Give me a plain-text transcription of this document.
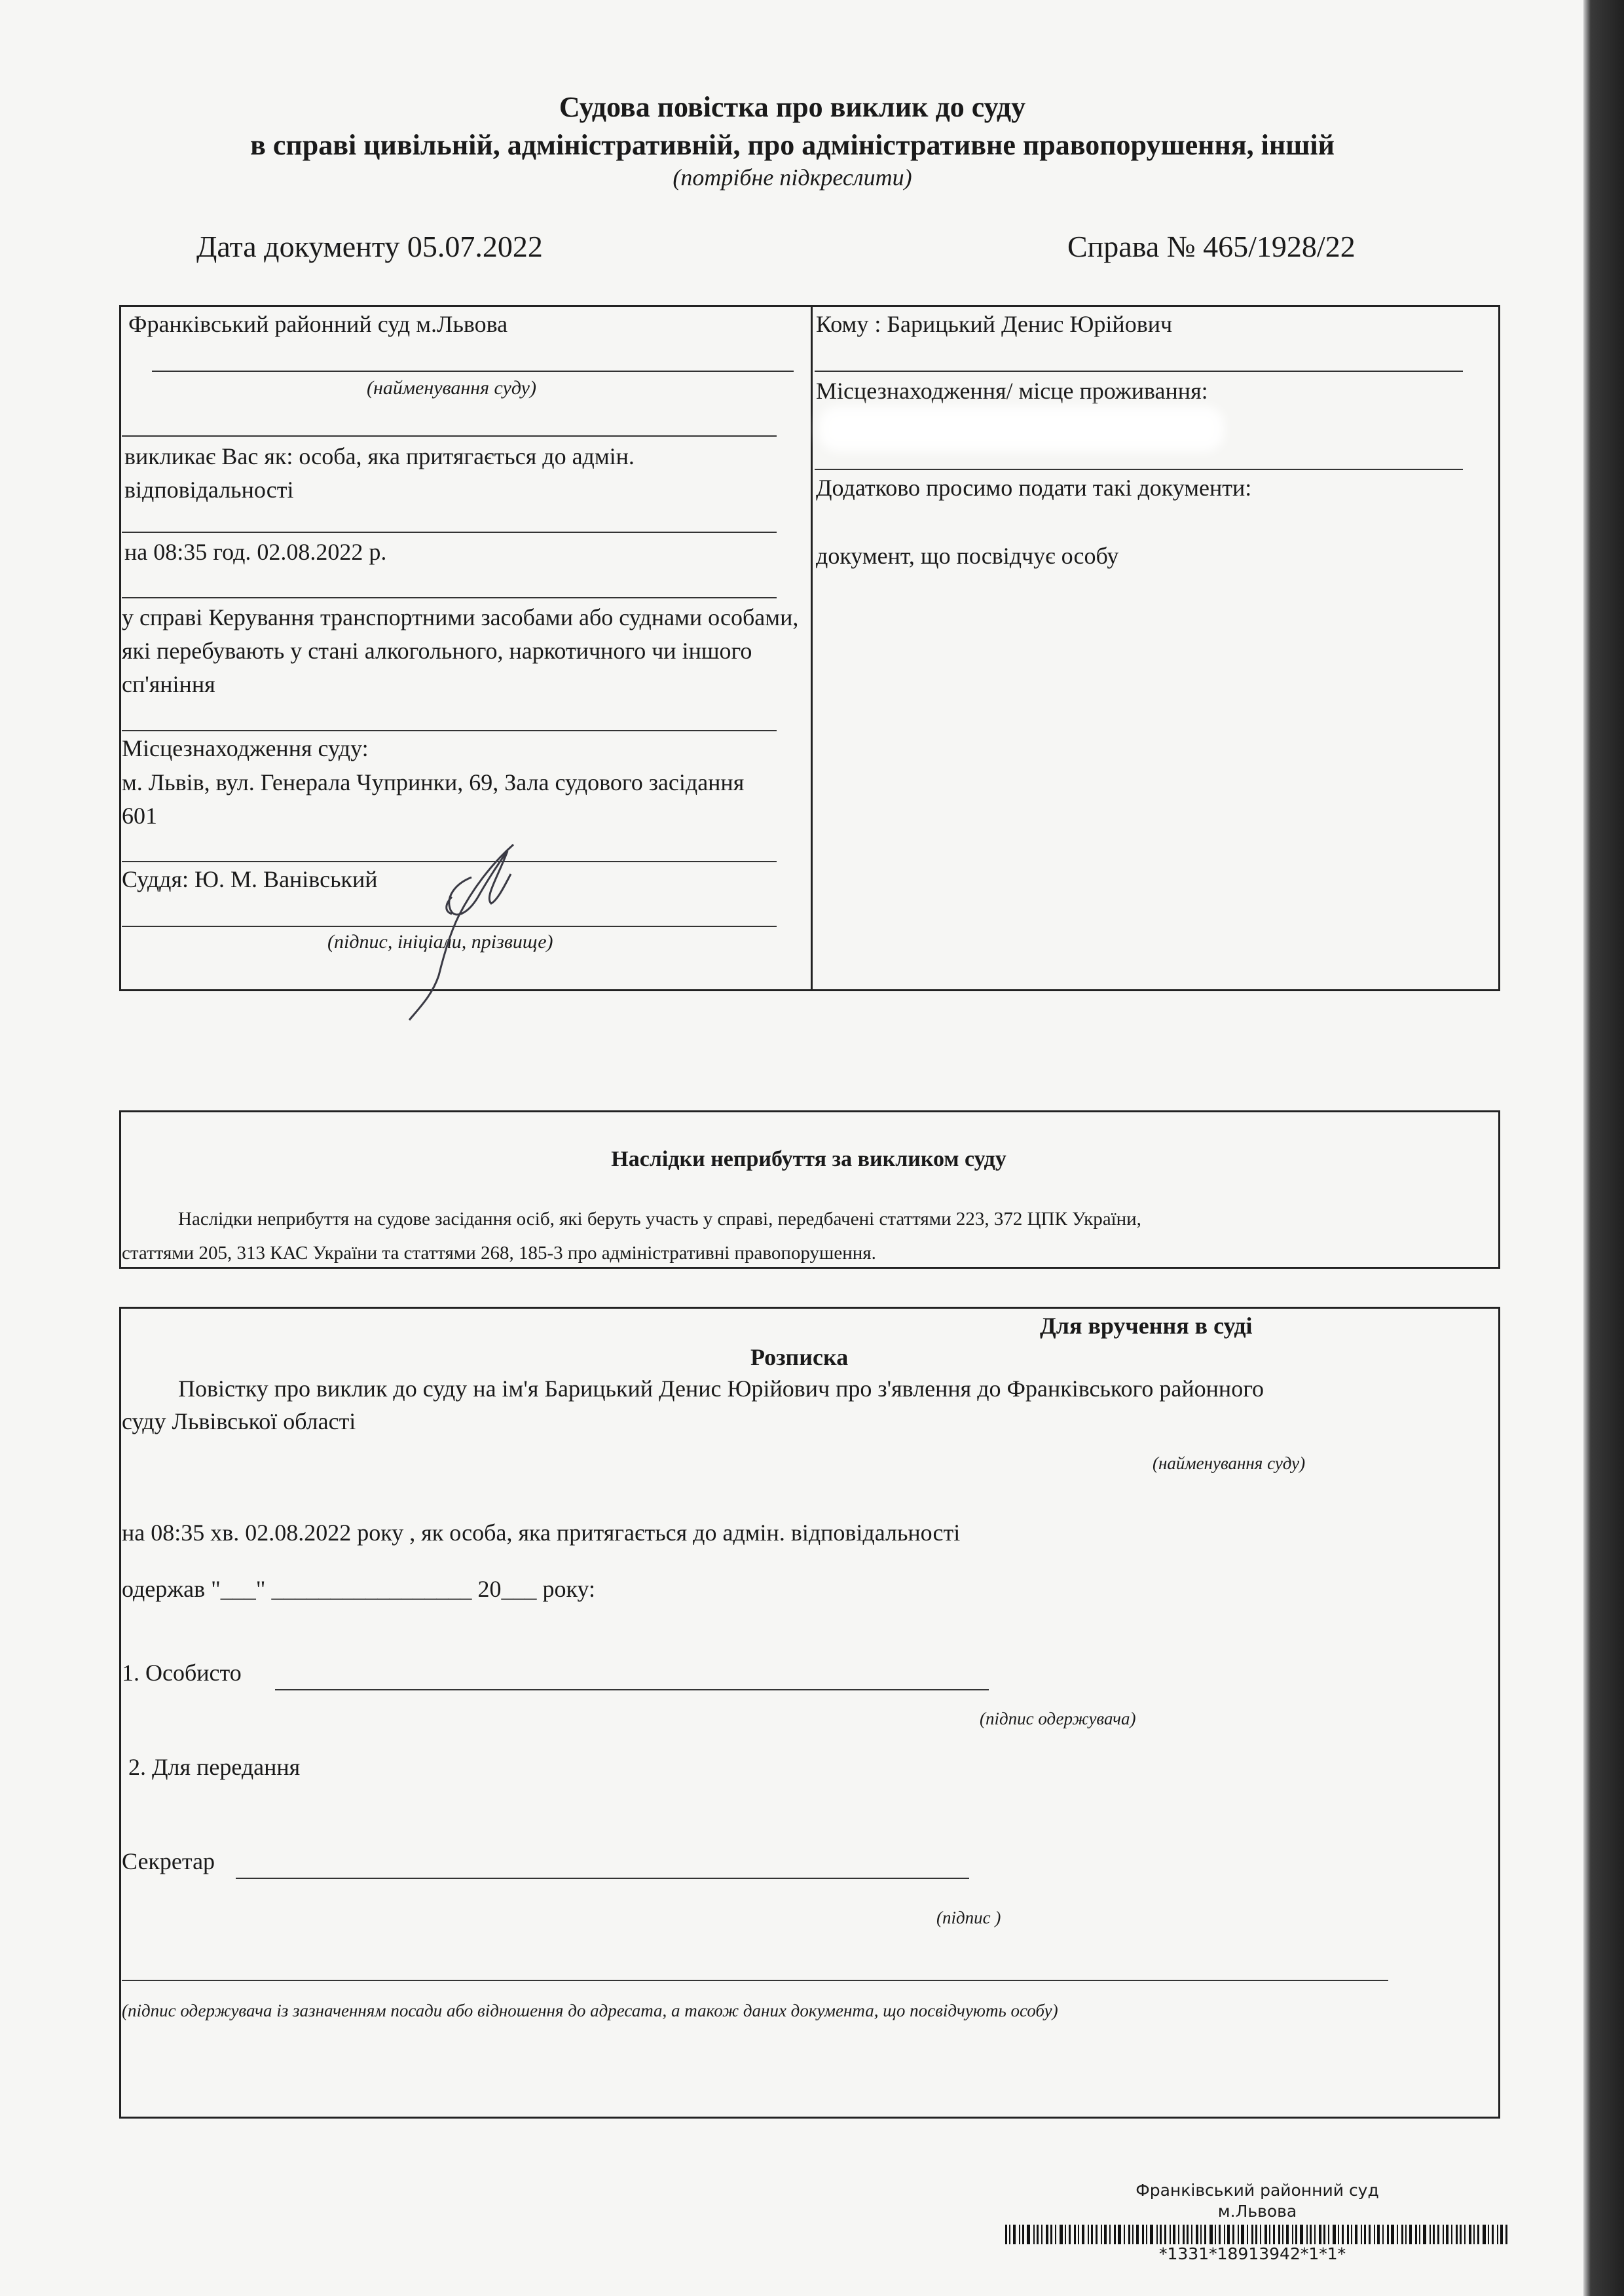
Судова повістка про виклик до суду
в справі цивільній, адміністративній, про адміністративне правопорушення, іншій
(потрібне підкреслити)
Дата документу 05.07.2022	Справа № 465/1928/22
Франківський районний суд м.Львова
(найменування суду)
викликає Вас як: особа, яка притягається до адмін. відповідальності
на 08:35 год. 02.08.2022 р.
у справі Керування транспортними засобами або суднами особами, які перебувають у стані алкогольного, наркотичного чи іншого сп'яніння
Місцезнаходження суду:
м. Львів, вул. Генерала Чупринки, 69, Зала судового засідання 601
Суддя: Ю. М. Ванівський
(підпис, ініціали, прізвище)
Кому : Барицький Денис Юрійович
Місцезнаходження/ місце проживання:
Додатково просимо подати такі документи:
документ, що посвідчує особу
Наслідки неприбуття за викликом суду
Наслідки неприбуття на судове засідання осіб, які беруть участь у справі, передбачені статтями 223, 372 ЦПК України,
статтями 205, 313 КАС України та статтями 268, 185-3 про адміністративні правопорушення.
Для вручення в суді
Розписка
Повістку про виклик до суду на ім'я Барицький Денис Юрійович про з'явлення до Франківського районного
суду Львівської області
(найменування суду)
на 08:35 хв. 02.08.2022 року , як особа, яка притягається до адмін. відповідальності
одержав "___" _________________ 20___ року:
1. Особисто
(підпис одержувача)
2. Для передання
Секретар
(підпис )
(підпис одержувача із зазначенням посади або відношення до адресата, а також даних документа, що посвідчують особу)
Франківський районний суд
м.Львова
*1331*18913942*1*1*
